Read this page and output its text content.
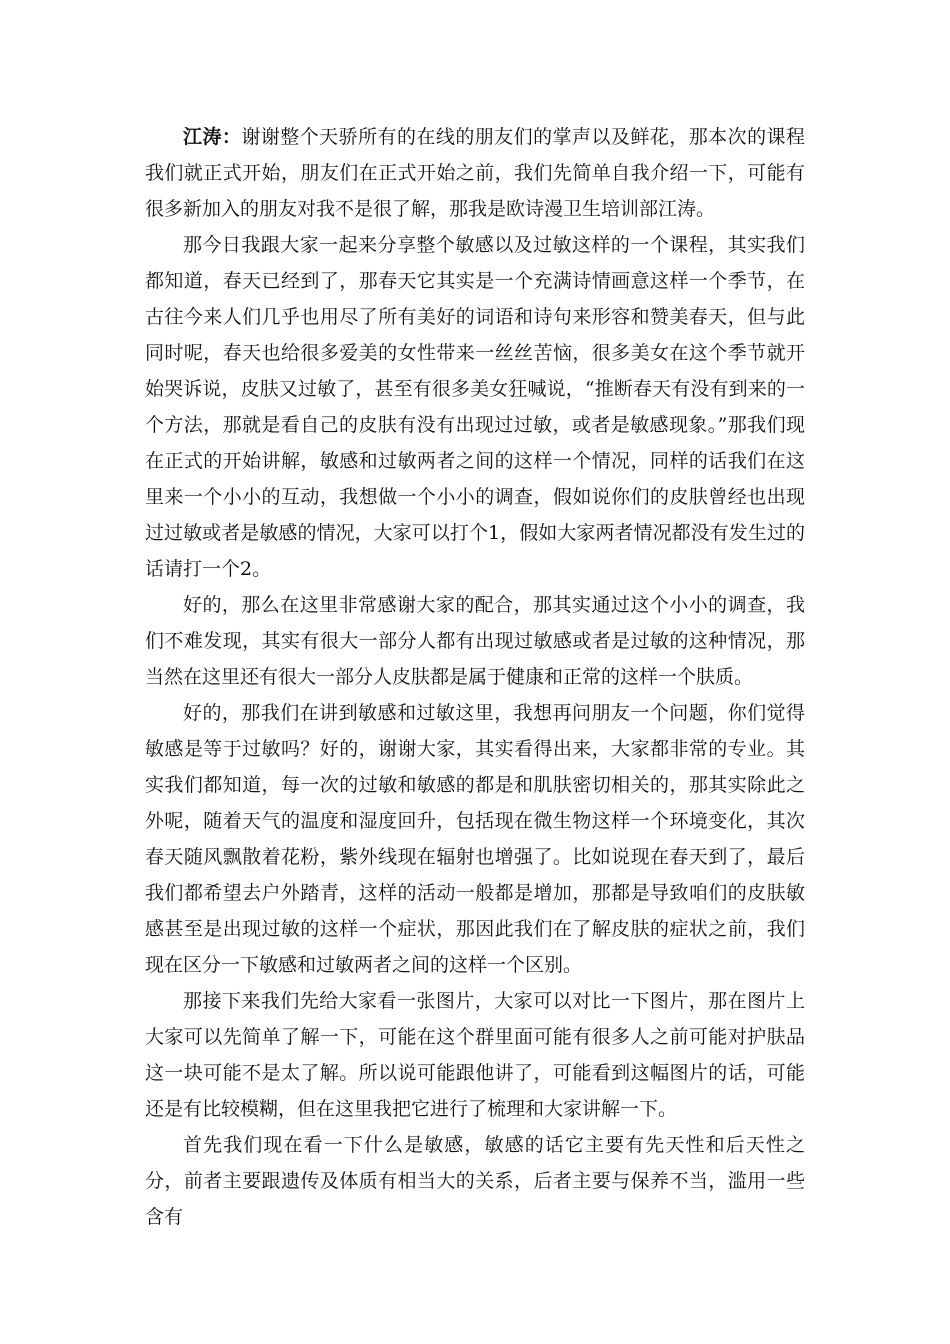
江涛：谢谢整个天骄所有的在线的朋友们的掌声以及鲜花，那本次的课程我们就正式开始，朋友们在正式开始之前，我们先简单自我介绍一下，可能有很多新加入的朋友对我不是很了解，那我是欧诗漫卫生培训部江涛。

那今日我跟大家一起来分享整个敏感以及过敏这样的一个课程，其实我们都知道，春天已经到了，那春天它其实是一个充满诗情画意这样一个季节，在古往今来人们几乎也用尽了所有美好的词语和诗句来形容和赞美春天，但与此同时呢，春天也给很多爱美的女性带来一丝丝苦恼，很多美女在这个季节就开始哭诉说，皮肤又过敏了，甚至有很多美女狂喊说，“推断春天有没有到来的一个方法，那就是看自己的皮肤有没有出现过过敏，或者是敏感现象。”那我们现在正式的开始讲解，敏感和过敏两者之间的这样一个情况，同样的话我们在这里来一个小小的互动，我想做一个小小的调查，假如说你们的皮肤曾经也出现过过敏或者是敏感的情况，大家可以打个1，假如大家两者情况都没有发生过的话请打一个2。

好的，那么在这里非常感谢大家的配合，那其实通过这个小小的调查，我们不难发现，其实有很大一部分人都有出现过敏感或者是过敏的这种情况，那当然在这里还有很大一部分人皮肤都是属于健康和正常的这样一个肤质。

好的，那我们在讲到敏感和过敏这里，我想再问朋友一个问题，你们觉得敏感是等于过敏吗？好的，谢谢大家，其实看得出来，大家都非常的专业。其实我们都知道，每一次的过敏和敏感的都是和肌肤密切相关的，那其实除此之外呢，随着天气的温度和湿度回升，包括现在微生物这样一个环境变化，其次春天随风飘散着花粉，紫外线现在辐射也增强了。比如说现在春天到了，最后我们都希望去户外踏青，这样的活动一般都是增加，那都是导致咱们的皮肤敏感甚至是出现过敏的这样一个症状，那因此我们在了解皮肤的症状之前，我们现在区分一下敏感和过敏两者之间的这样一个区别。

那接下来我们先给大家看一张图片，大家可以对比一下图片，那在图片上大家可以先简单了解一下，可能在这个群里面可能有很多人之前可能对护肤品这一块可能不是太了解。所以说可能跟他讲了，可能看到这幅图片的话，可能还是有比较模糊，但在这里我把它进行了梳理和大家讲解一下。

首先我们现在看一下什么是敏感，敏感的话它主要有先天性和后天性之分，前者主要跟遗传及体质有相当大的关系，后者主要与保养不当，滥用一些含有
